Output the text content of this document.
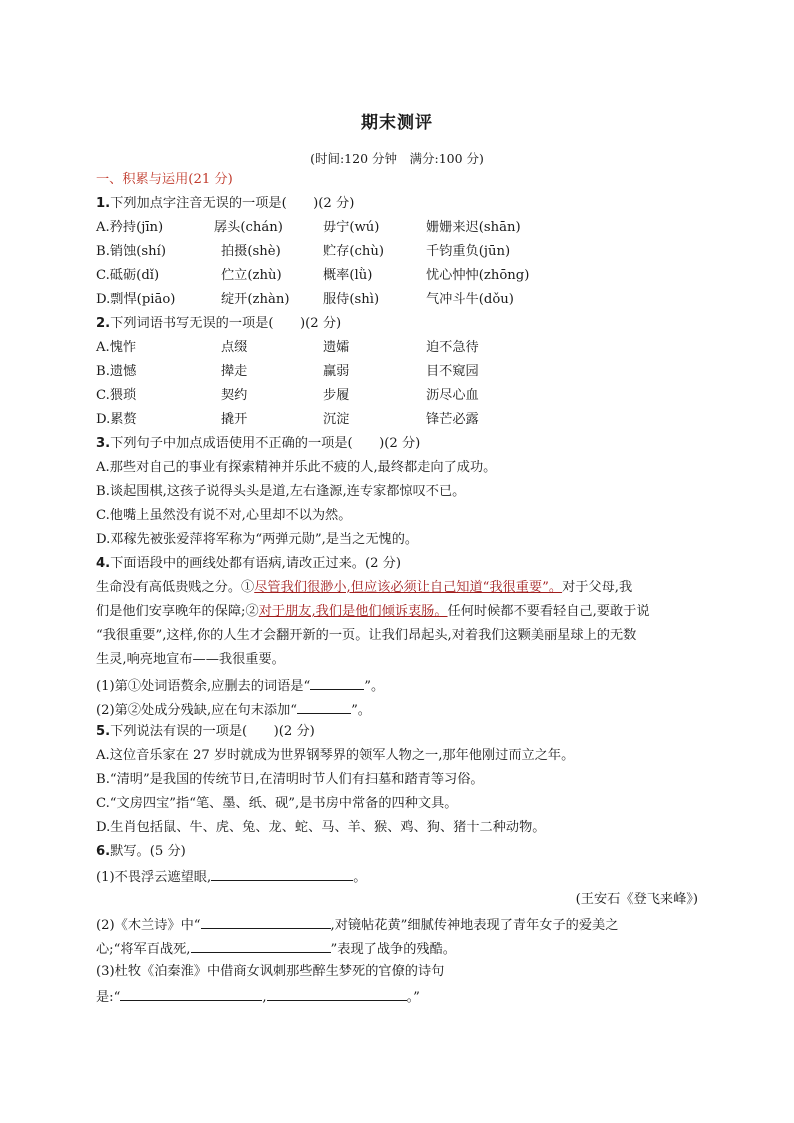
期末测评
(时间:120 分钟　满分:100 分)
一、积累与运用(21 分)
1.下列加点字注音无误的一项是(　　)(2 分)
A.矜持(jīn)	孱头(chán)	毋宁(wú)	姗姗来迟(shān)
B.销蚀(shí)	拍摄(shè)	贮存(chù)	千钧重负(jūn)
C.砥砺(dǐ)	伫立(zhù)	概率(lǜ)	忧心忡忡(zhōng)
D.剽悍(piāo)	绽开(zhàn)	服侍(shì)	气冲斗牛(dǒu)
2.下列词语书写无误的一项是(　　)(2 分)
A.愧怍	点缀	遗孀	迫不急待
B.遗憾	撵走	赢弱	目不窥园
C.猥琐	契约	步履	沥尽心血
D.累赘	撬开	沉淀	锋芒必露
3.下列句子中加点成语使用不正确的一项是(　　)(2 分)
A.那些对自己的事业有探索精神并乐此不疲的人,最终都走向了成功。
B.谈起围棋,这孩子说得头头是道,左右逢源,连专家都惊叹不已。
C.他嘴上虽然没有说不对,心里却不以为然。
D.邓稼先被张爱萍将军称为“两弹元勋”,是当之无愧的。
4.下面语段中的画线处都有语病,请改正过来。(2 分)
生命没有高低贵贱之分。①尽管我们很渺小,但应该必须让自己知道“我很重要”。对于父母,我
们是他们安享晚年的保障;②对于朋友,我们是他们倾诉衷肠。任何时候都不要看轻自己,要敢于说
“我很重要”,这样,你的人生才会翻开新的一页。让我们昂起头,对着我们这颗美丽星球上的无数
生灵,响亮地宣布——我很重要。
(1)第①处词语赘余,应删去的词语是“	”。
(2)第②处成分残缺,应在句末添加“	”。
5.下列说法有误的一项是(　　)(2 分)
A.这位音乐家在 27 岁时就成为世界钢琴界的领军人物之一,那年他刚过而立之年。
B.“清明”是我国的传统节日,在清明时节人们有扫墓和踏青等习俗。
C.“文房四宝”指“笔、墨、纸、砚”,是书房中常备的四种文具。
D.生肖包括鼠、牛、虎、兔、龙、蛇、马、羊、猴、鸡、狗、猪十二种动物。
6.默写。(5 分)
(1)不畏浮云遮望眼,	。
(王安石《登飞来峰》)
(2)《木兰诗》中“	,对镜帖花黄”细腻传神地表现了青年女子的爱美之
心;“将军百战死,	”表现了战争的残酷。
(3)杜牧《泊秦淮》中借商女讽刺那些醉生梦死的官僚的诗句
是:“	,	。”
